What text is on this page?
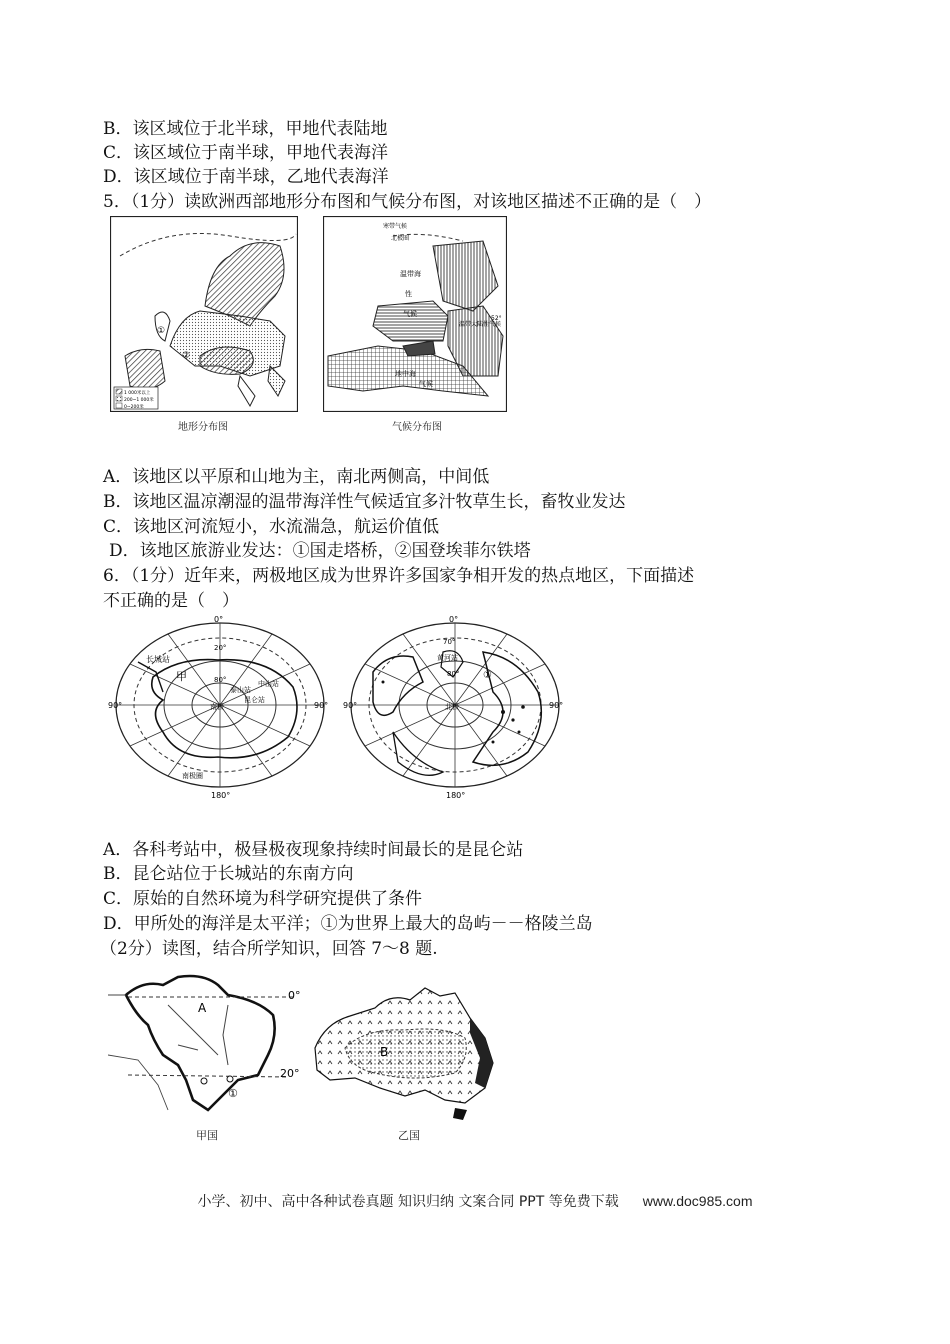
B．该区域位于北半球，甲地代表陆地
C．该区域位于南半球，甲地代表海洋
D．该区域位于南半球，乙地代表海洋
5．（1分）读欧洲西部地形分布图和气候分布图，对该地区描述不正确的是（　）
①
②
1 000米以上
200~1 000米
0~200米
地形分布图
寒带气候
北极圈
温带海
性
气候
温带大陆性气候
地中海
气候
52°
气候分布图
A．该地区以平原和山地为主，南北两侧高，中间低
B．该地区温凉潮湿的温带海洋性气候适宜多汁牧草生长，畜牧业发达
C．该地区河流短小，水流湍急，航运价值低
D．该地区旅游业发达：①国走塔桥，②国登埃菲尔铁塔
6．（1分）近年来，两极地区成为世界许多国家争相开发的热点地区，下面描述
不正确的是（　）
0°
180°
90°	90°
20°
80°
长城站
甲
中山站
泰山站
昆仑站
南极
南极圈
0°
180°
90°	90°
70°
80°
黄河站
①
北极
A．各科考站中，极昼极夜现象持续时间最长的是昆仑站
B．昆仑站位于长城站的东南方向
C．原始的自然环境为科学研究提供了条件
D．甲所处的海洋是太平洋；①为世界上最大的岛屿－－格陵兰岛
（2分）读图，结合所学知识，回答 7～8 题.
A
0°
20°
①
甲国
B
乙国
小学、初中、高中各种试卷真题 知识归纳 文案合同 PPT 等免费下载 www.doc985.com
